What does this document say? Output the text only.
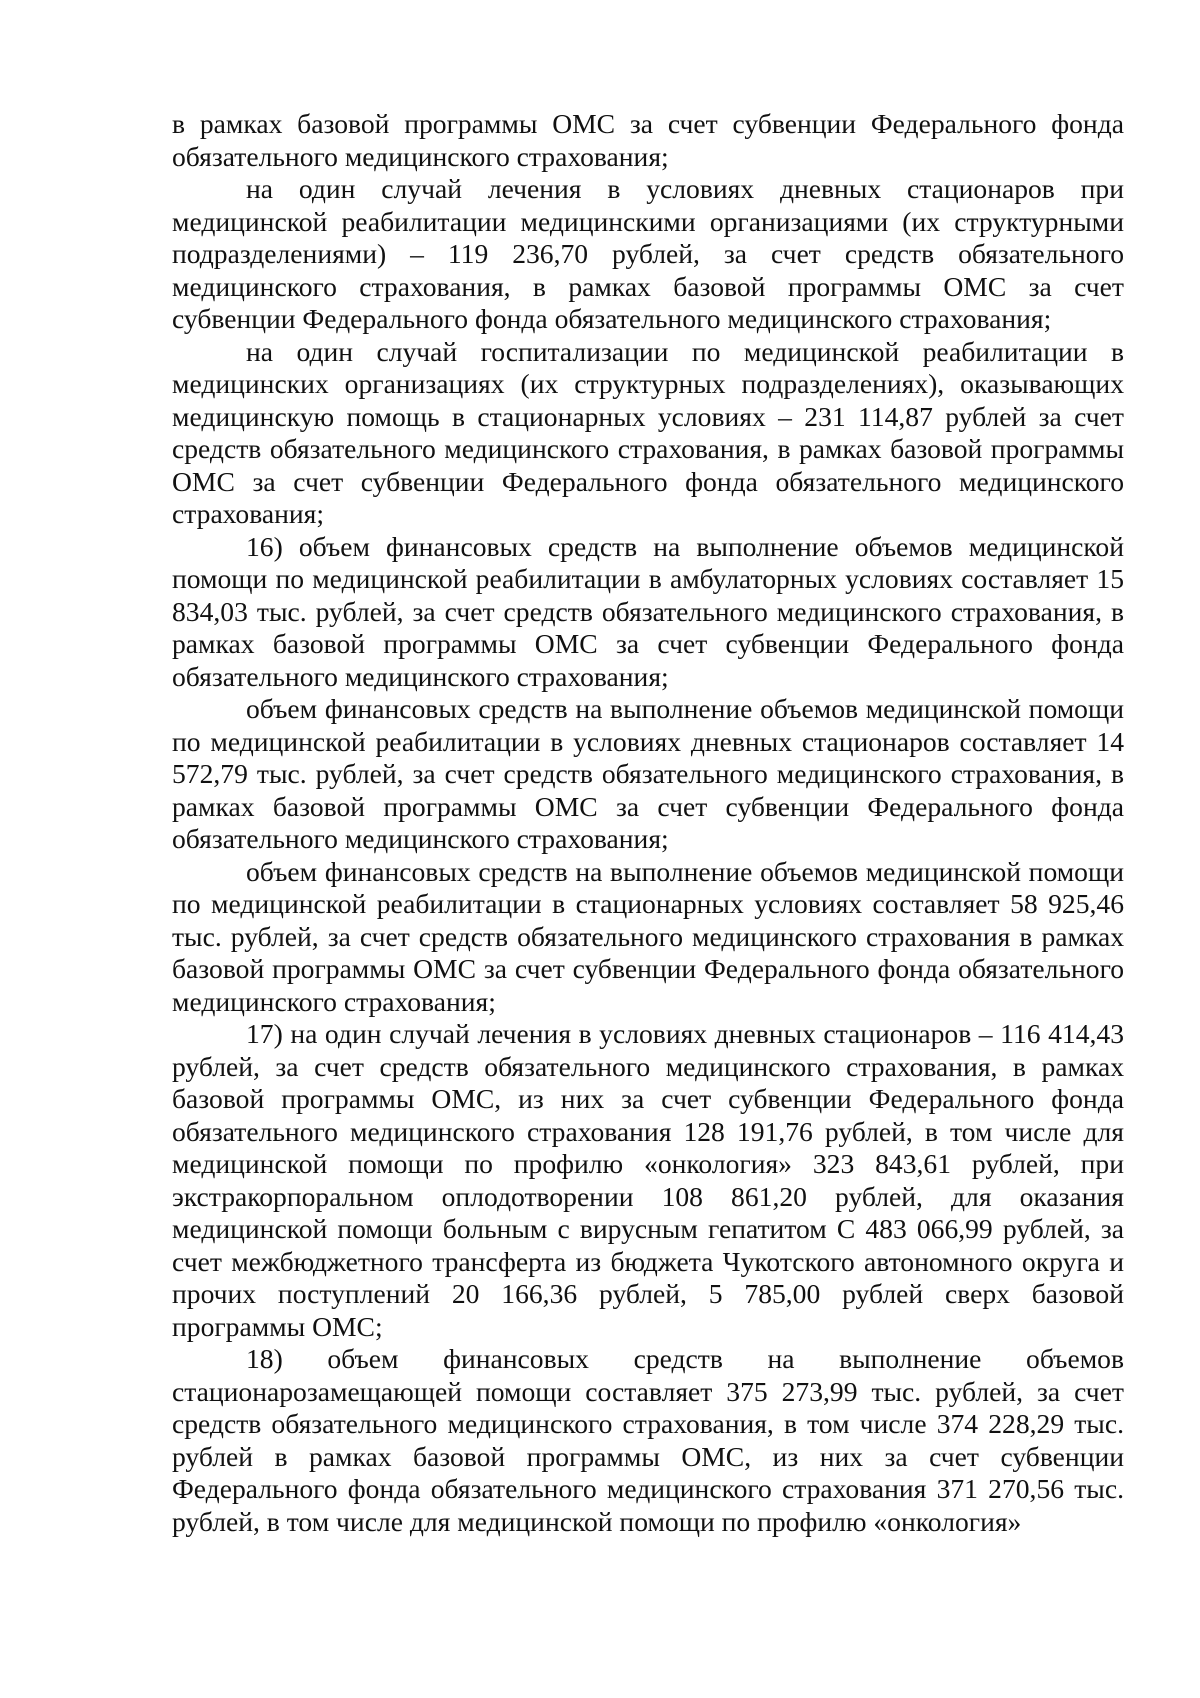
в рамках базовой программы ОМС за счет субвенции Федерального фонда обязательного медицинского страхования;

на один случай лечения в условиях дневных стационаров при медицинской реабилитации медицинскими организациями (их структурными подразделениями) – 119 236,70 рублей, за счет средств обязательного медицинского страхования, в рамках базовой программы ОМС за счет субвенции Федерального фонда обязательного медицинского страхования;

на один случай госпитализации по медицинской реабилитации в медицинских организациях (их структурных подразделениях), оказывающих медицинскую помощь в стационарных условиях – 231 114,87 рублей за счет средств обязательного медицинского страхования, в рамках базовой программы ОМС за счет субвенции Федерального фонда обязательного медицинского страхования;

16) объем финансовых средств на выполнение объемов медицинской помощи по медицинской реабилитации в амбулаторных условиях составляет 15 834,03 тыс. рублей, за счет средств обязательного медицинского страхования, в рамках базовой программы ОМС за счет субвенции Федерального фонда обязательного медицинского страхования;

объем финансовых средств на выполнение объемов медицинской помощи по медицинской реабилитации в условиях дневных стационаров составляет 14 572,79 тыс. рублей, за счет средств обязательного медицинского страхования, в рамках базовой программы ОМС за счет субвенции Федерального фонда обязательного медицинского страхования;

объем финансовых средств на выполнение объемов медицинской помощи по медицинской реабилитации в стационарных условиях составляет 58 925,46 тыс. рублей, за счет средств обязательного медицинского страхования в рамках базовой программы ОМС за счет субвенции Федерального фонда обязательного медицинского страхования;

17) на один случай лечения в условиях дневных стационаров – 116 414,43 рублей, за счет средств обязательного медицинского страхования, в рамках базовой программы ОМС, из них за счет субвенции Федерального фонда обязательного медицинского страхования 128 191,76 рублей, в том числе для медицинской помощи по профилю «онкология» 323 843,61 рублей, при экстракорпоральном оплодотворении 108 861,20 рублей, для оказания медицинской помощи больным с вирусным гепатитом С 483 066,99 рублей, за счет межбюджетного трансферта из бюджета Чукотского автономного округа и прочих поступлений 20 166,36 рублей, 5 785,00 рублей сверх базовой программы ОМС;

18) объем финансовых средств на выполнение объемов стационарозамещающей помощи составляет 375 273,99 тыс. рублей, за счет средств обязательного медицинского страхования, в том числе 374 228,29 тыс. рублей в рамках базовой программы ОМС, из них за счет субвенции Федерального фонда обязательного медицинского страхования 371 270,56 тыс. рублей, в том числе для медицинской помощи по профилю «онкология»
